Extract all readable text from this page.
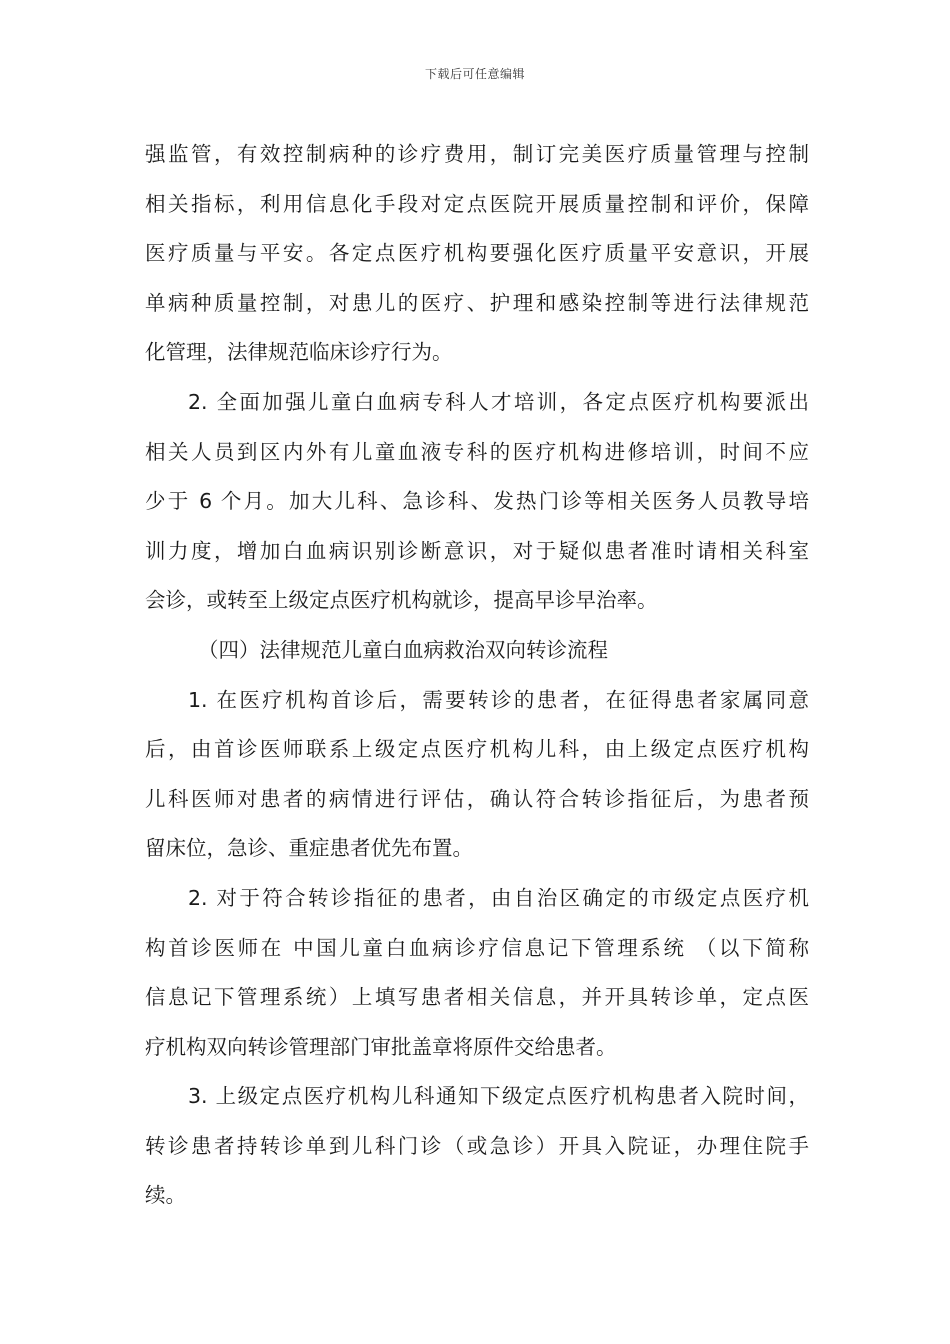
下载后可任意编辑
强监管，有效控制病种的诊疗费用，制订完美医疗质量管理与控制
相关指标，利用信息化手段对定点医院开展质量控制和评价，保障
医疗质量与平安。各定点医疗机构要强化医疗质量平安意识，开展
单病种质量控制，对患儿的医疗、护理和感染控制等进行法律规范
化管理，法律规范临床诊疗行为。
2. 全面加强儿童白血病专科人才培训，各定点医疗机构要派出
相关人员到区内外有儿童血液专科的医疗机构进修培训，时间不应
少于 6 个月。加大儿科、急诊科、发热门诊等相关医务人员教导培
训力度，增加白血病识别诊断意识，对于疑似患者准时请相关科室
会诊，或转至上级定点医疗机构就诊，提高早诊早治率。
（四）法律规范儿童白血病救治双向转诊流程
1. 在医疗机构首诊后，需要转诊的患者，在征得患者家属同意
后，由首诊医师联系上级定点医疗机构儿科，由上级定点医疗机构
儿科医师对患者的病情进行评估，确认符合转诊指征后，为患者预
留床位，急诊、重症患者优先布置。
2. 对于符合转诊指征的患者，由自治区确定的市级定点医疗机
构首诊医师在 中国儿童白血病诊疗信息记下管理系统 （以下简称
信息记下管理系统）上填写患者相关信息，并开具转诊单，定点医
疗机构双向转诊管理部门审批盖章将原件交给患者。
3. 上级定点医疗机构儿科通知下级定点医疗机构患者入院时间，
转诊患者持转诊单到儿科门诊（或急诊）开具入院证，办理住院手
续。
